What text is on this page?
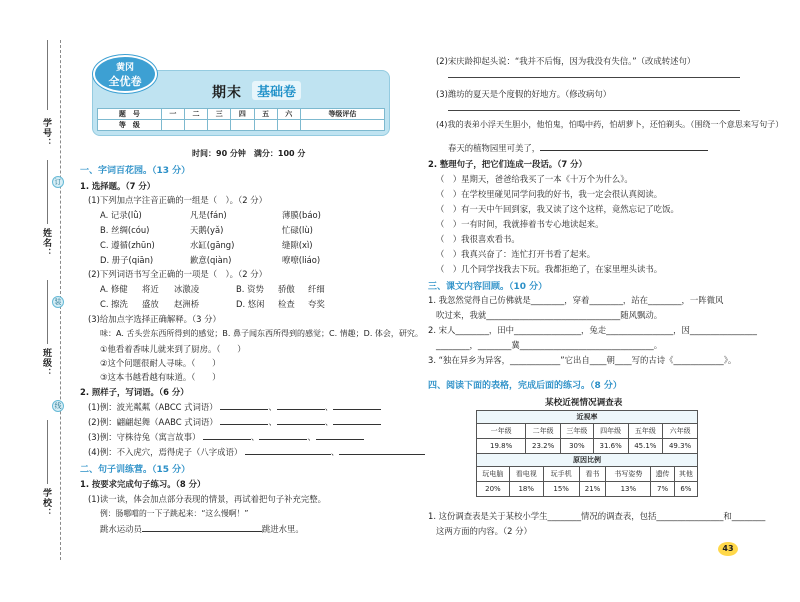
学号：
姓名：
班级：
学校：
订
装
线
黄冈
全优卷
期末	基础卷
题　号	一	二	三	四	五	六	等级评估
等　级							
时间：90 分钟　满分：100 分
一、字词百花园。（13 分）
1. 选择题。（7 分）
(1)下列加点字注音正确的一组是（　）。（2 分）
A. 记录(lǜ)	凡是(fán)	薄膜(báo)
B. 丝绸(cóu)	天鹅(yǎ)	忙碌(lù)
C. 遵循(zhūn)	水缸(gāng)	缝隙(xì)
D. 册子(qiān)	歉意(qiàn)	嘹嘹(liáo)
(2)下列词语书写全正确的一项是（　）。（2 分）
A. 修健 将近 冰激凌	B. 资势 骄傲 纤细
C. 擦洗 盛放 赵洲桥	D. 悠闲 检查 夸奖
(3)给加点字选择正确解释。（3 分）
味：A. 舌头尝东西所得到的感觉；B. 鼻子闻东西所得到的感觉；C. 情趣；D. 体会，研究。
①他看着香味儿就来到了厨房。（　　）
②这个问题很耐人寻味。（　　）
③这本书越看越有味道。（　　）
2. 照样子，写词语。（6 分）
(1)例：波光粼粼（ABCC 式词语）	、	、
(2)例：翩翩起舞（AABC 式词语）	、	、
(3)例：守株待兔（寓言故事）	、	、
(4)例：不入虎穴，焉得虎子（八字成语）	、
二、句子训练营。（15 分）
1. 按要求完成句子练习。（8 分）
(1)读一读，体会加点部分表现的情景，再试着把句子补充完整。
例：肠哪噹的一下子跳起来：“这么慢啊！”
跳水运动员	跳进水里。
(2)宋庆龄抑起头说：“我并不后悔，因为我没有失信。”（改成转述句）
(3)潍坊的夏天是个度假的好地方。（修改病句）
(4)我的表弟小浮天生胆小，他怕鬼，怕喝中药，怕胡萝卜，还怕剃头。（围绕一个意思来写句子）
春天的植物园里可美了，
2. 整理句子，把它们连成一段话。（7 分）
（　）星期天，爸爸给我买了一本《十万个为什么》。
（　）在学校里碰见同学问我的好书，我一定会很认真阅读。
（　）有一天中午回到家，我又读了这个这样，竟然忘记了吃饭。
（　）一有时间，我就捧着书专心地读起来。
（　）我很喜欢看书。
（　）我真兴奋了：连忙打开书看了起来。
（　）几个同学找我去下玩。我都拒绝了，在家里埋头读书。
三、课文内容回顾。（10 分）
1. 我忽然觉得自己仿佛就是________，穿着________，站在________，一阵微风
吹过来，我就________________________________随风飘动。
2. 宋人________，田中________________，兔走________________，因________________
________，________冀________________________________。
3. “独在异乡为异客，____________”它出自____朝____写的古诗《____________》。
四、阅读下面的表格，完成后面的练习。（8 分）
某校近视情况调查表
近视率											
一年级		二年级		三年级		四年级		五年级		六年级	
19.8%		23.2%		30%		31.6%		45.1%		49.3%	
原因比例											
玩电脑	看电视		玩手机		看书		书写姿势		遗传		其他
20%	18%		15%		21%		13%		7%		6%
1. 这份调查表是关于某校小学生________情况的调查表，包括________________和________
这两方面的内容。（2 分）
43
